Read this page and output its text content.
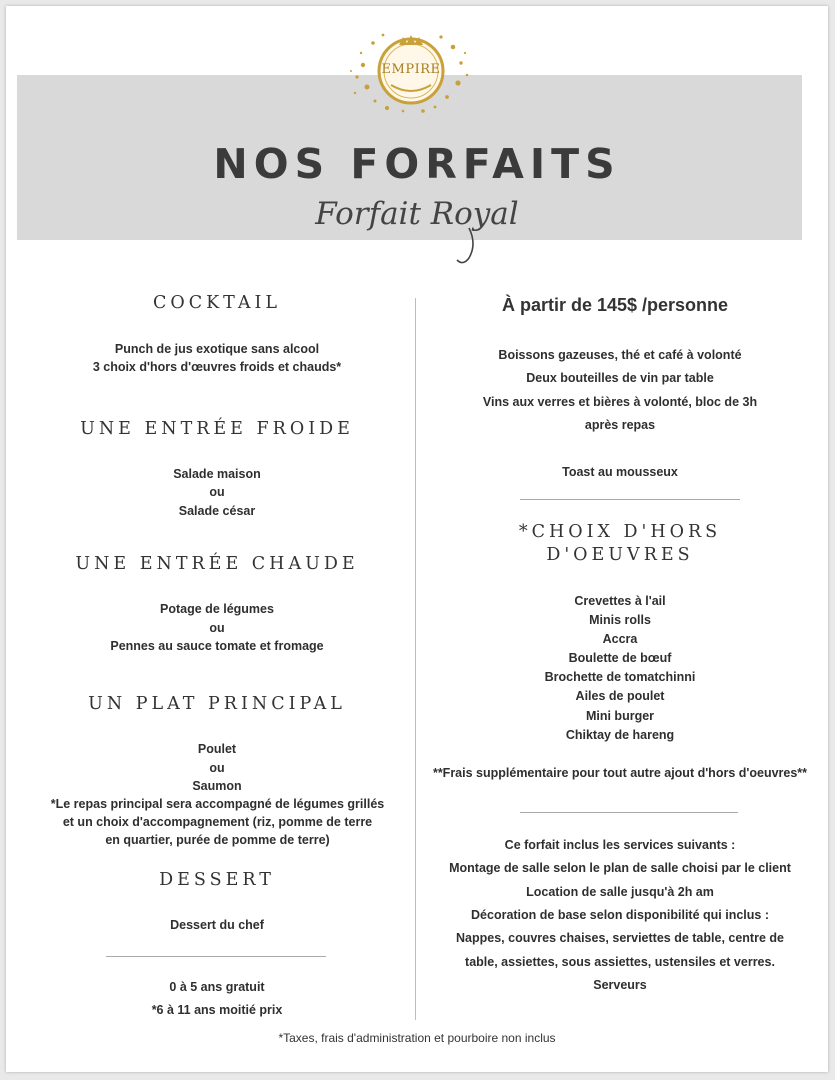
EMPIRE
NOS FORFAITS
Forfait Royal
COCKTAIL
Punch de jus exotique sans alcool
3 choix d'hors d'œuvres froids et chauds*
UNE ENTRÉE FROIDE
Salade maison
ou
Salade césar
UNE ENTRÉE CHAUDE
Potage de légumes
ou
Pennes au sauce tomate et fromage
UN PLAT PRINCIPAL
Poulet
ou
Saumon
*Le repas principal sera accompagné de légumes grillés
et un choix d'accompagnement (riz, pomme de terre
en quartier, purée de pomme de terre)
DESSERT
Dessert du chef
0 à 5 ans gratuit
*6 à 11 ans moitié prix
À partir de 145$ /personne
Boissons gazeuses, thé et café à volonté
Deux bouteilles de vin par table
Vins aux verres et bières à volonté, bloc de 3h
après repas
Toast au mousseux
*CHOIX D'HORS
D'OEUVRES
Crevettes à l'ail
Minis rolls
Accra
Boulette de bœuf
Brochette de tomatchinni
Ailes de poulet
Mini burger
Chiktay de hareng
**Frais supplémentaire pour tout autre ajout d'hors d'oeuvres**
Ce forfait inclus les services suivants :
Montage de salle selon le plan de salle choisi par le client
Location de salle jusqu'à 2h am
Décoration de base selon disponibilité qui inclus :
Nappes, couvres chaises, serviettes de table, centre de
table, assiettes, sous assiettes, ustensiles et verres.
Serveurs
*Taxes, frais d'administration et pourboire non inclus
